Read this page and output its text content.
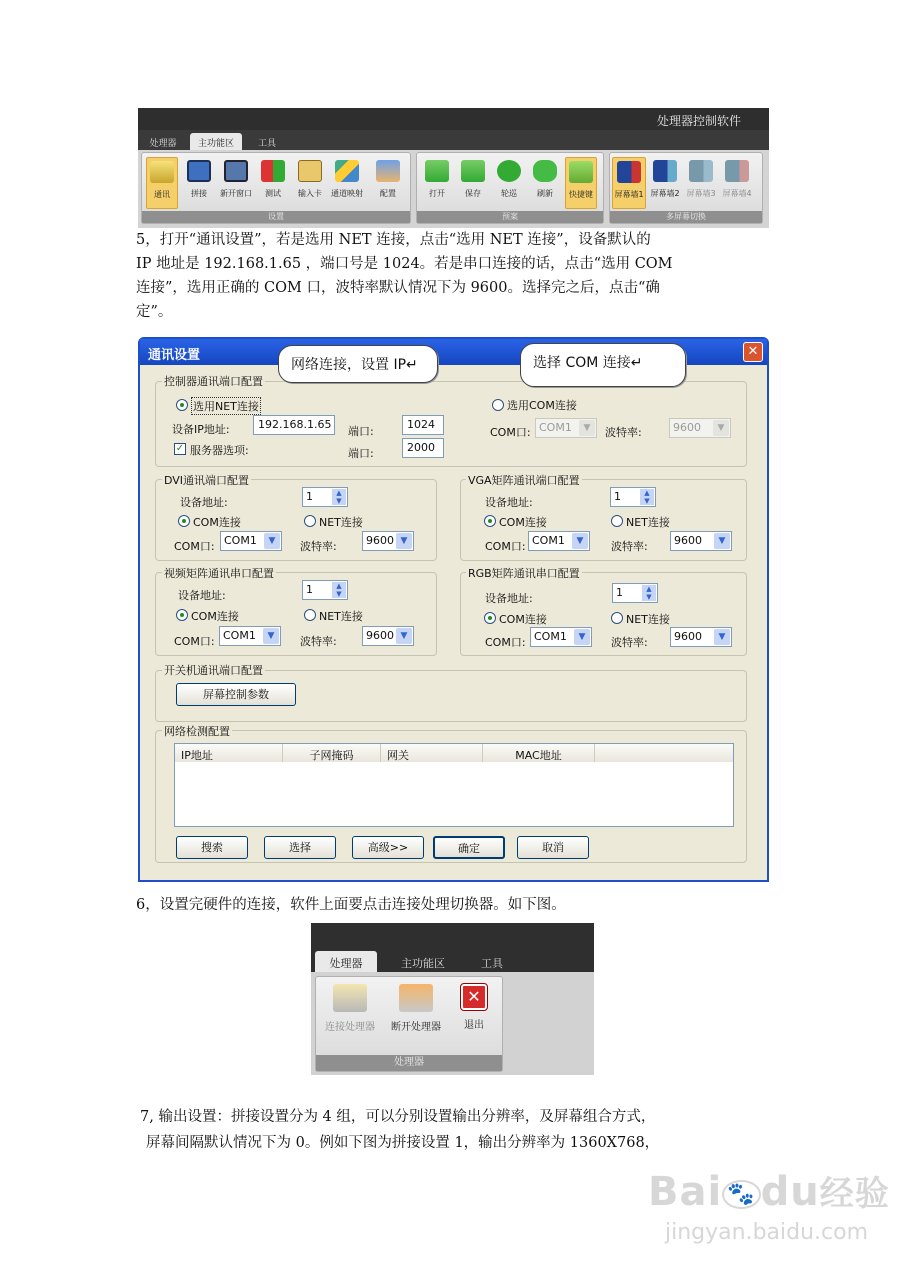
处理器控制软件
处理器	主功能区	工具
通讯	拼接	新开窗口	测试	输入卡	通道映射	配置
设置
打开	保存	轮巡	刷新	快捷键
预案
屏幕墙1 屏幕墙2 屏幕墙3 屏幕墙4
多屏幕切换
5，打开“通讯设置”，若是选用 NET 连接，点击“选用 NET 连接”，设备默认的
IP 地址是 192.168.1.65 ，端口号是 1024。若是串口连接的话，点击“选用 COM
连接”，选用正确的 COM 口，波特率默认情况下为 9600。选择完之后，点击“确
定”。
通讯设置	✕
控制器通讯端口配置
选用NET连接
设备IP地址:	192.168.1.65
端口:
1024
✓ 服务器选项:	端口:	2000
选用COM连接
COM口: COM1	▼	波特率:	9600	▼
网络连接，设置 IP↵	选择 COM 连接↵
DVI通讯端口配置
设备地址:	1	▲
▼
COM连接	NET连接
COM口: COM1	▼	波特率:	9600 ▼
VGA矩阵通讯端口配置
设备地址:	1	▲
▼
COM连接	NET连接
COM口: COM1	▼	波特率:	9600	▼
视频矩阵通讯串口配置
设备地址:	1	▲
▼
COM连接	NET连接
COM口: COM1	▼	波特率:	9600 ▼
RGB矩阵通讯串口配置
设备地址:	1	▲
▼
COM连接	NET连接
COM口: COM1	▼	波特率:	9600	▼
开关机通讯端口配置
屏幕控制参数
网络检测配置
IP地址	子网掩码	网关	MAC地址
搜索	选择	高级>>	确定	取消
6，设置完硬件的连接，软件上面要点击连接处理切换器。如下图。
处理器	主功能区	工具
连接处理器	断开处理器
✕
退出
处理器
7, 输出设置：拼接设置分为 4 组，可以分别设置输出分辨率，及屏幕组合方式，
屏幕间隔默认情况下为 0。例如下图为拼接设置 1，输出分辨率为 1360X768，
Bai 🐾 du经验
jingyan.baidu.com
